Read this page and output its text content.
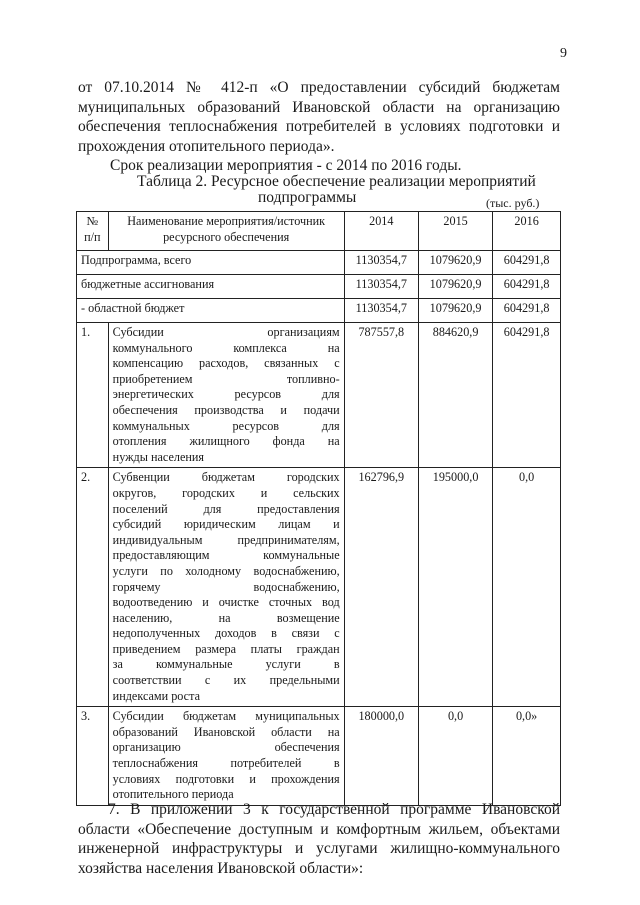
9
от 07.10.2014 № 412-п «О предоставлении субсидий бюджетам
муниципальных образований Ивановской области на организацию
обеспечения теплоснабжения потребителей в условиях подготовки и
прохождения отопительного периода».
Срок реализации мероприятия - с 2014 по 2016 годы.
Таблица 2. Ресурсное обеспечение реализации мероприятий
подпрограммы	(тыс. руб.)
№ п/п	Наименование мероприятия/источник ресурсного обеспечения	2014	2015	2016
Подпрограмма, всего		1130354,7	1079620,9	604291,8
бюджетные ассигнования		1130354,7	1079620,9	604291,8
- областной бюджет		1130354,7	1079620,9	604291,8
1.	Субсидии организациям
коммунального комплекса на
компенсацию расходов, связанных с
приобретением топливно-
энергетических ресурсов для
обеспечения производства и подачи
коммунальных ресурсов для
отопления жилищного фонда на
нужды населения
	787557,8	884620,9	604291,8
2.	Субвенции бюджетам городских
округов, городских и сельских
поселений для предоставления
субсидий юридическим лицам и
индивидуальным предпринимателям,
предоставляющим коммунальные
услуги по холодному водоснабжению,
горячему водоснабжению,
водоотведению и очистке сточных вод
населению, на возмещение
недополученных доходов в связи с
приведением размера платы граждан
за коммунальные услуги в
соответствии с их предельными
индексами роста
	162796,9	195000,0	0,0
3.	Субсидии бюджетам муниципальных
образований Ивановской области на
организацию обеспечения
теплоснабжения потребителей в
условиях подготовки и прохождения
отопительного периода
	180000,0	0,0	0,0»
7. В приложении 3 к государственной программе Ивановской
области «Обеспечение доступным и комфортным жильем, объектами
инженерной инфраструктуры и услугами жилищно-коммунального
хозяйства населения Ивановской области»:
